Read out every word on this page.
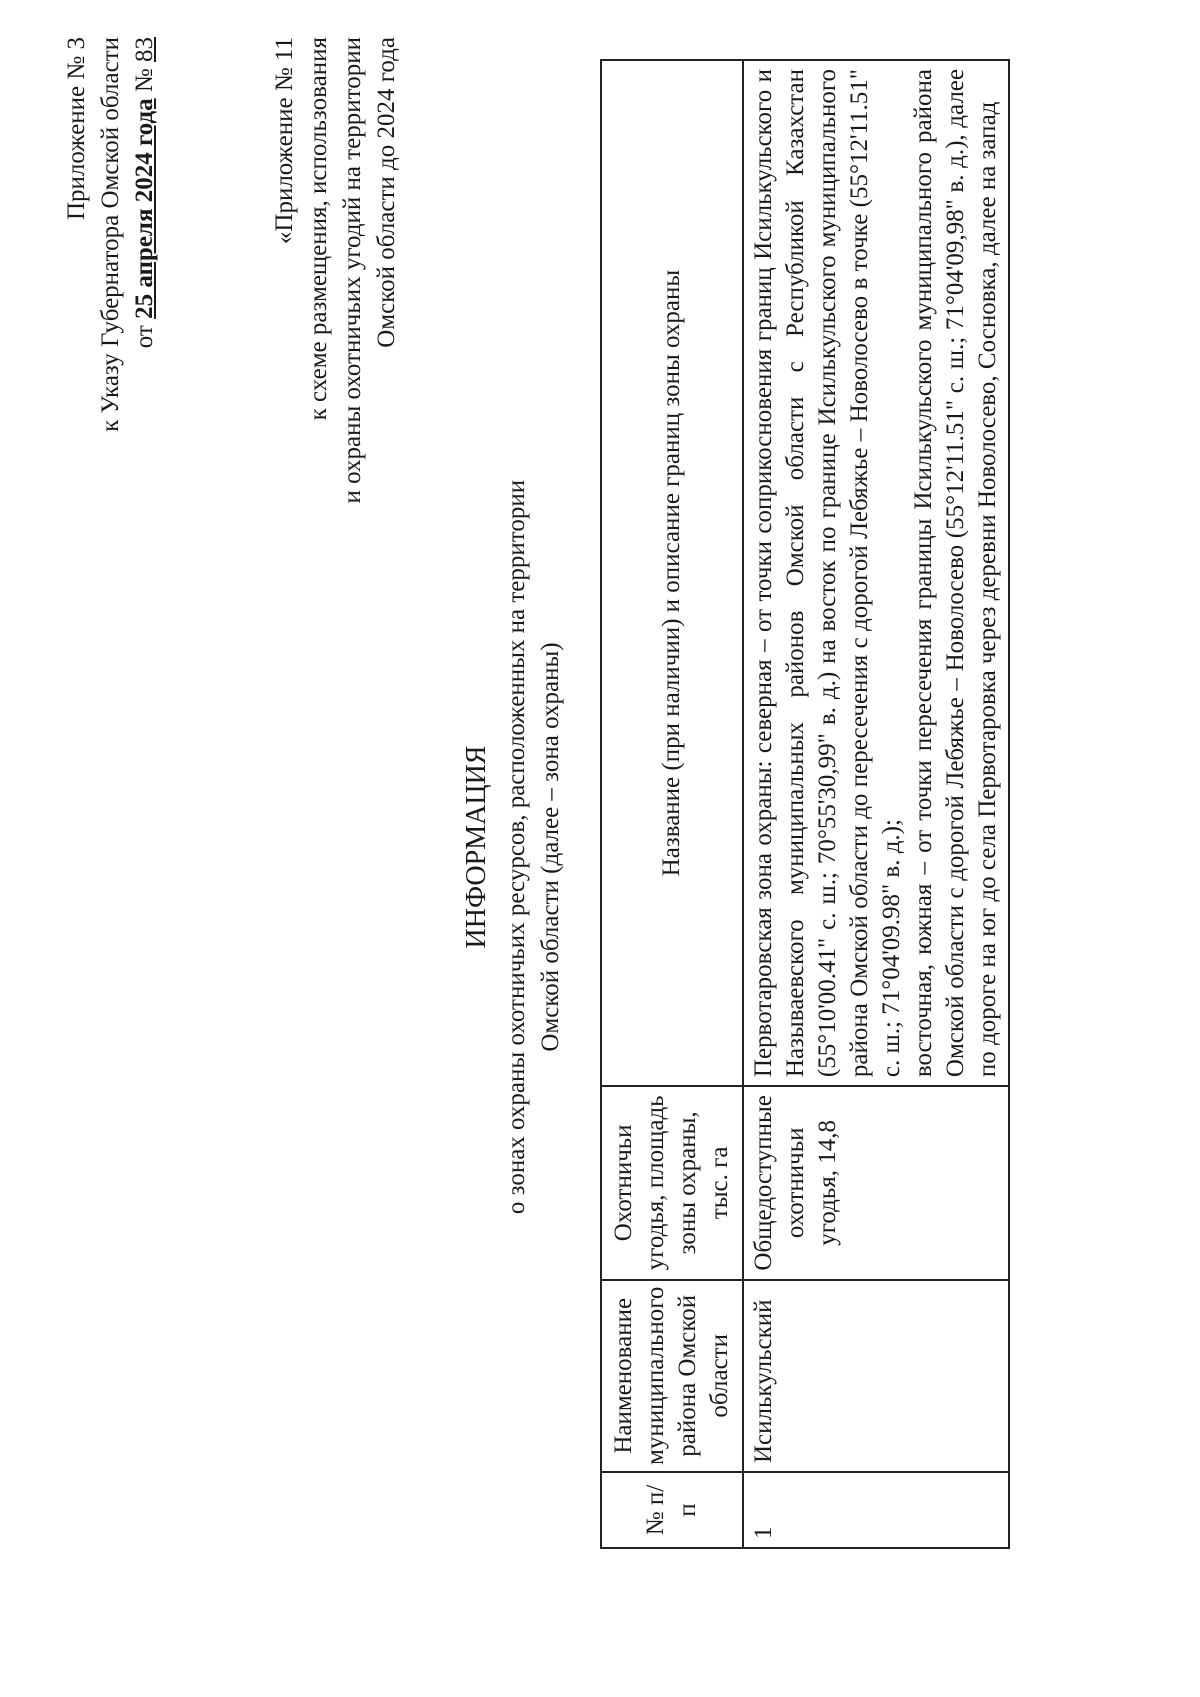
Приложение № 3 к Указу Губернатора Омской области от 25 апреля 2024 года № 83	«Приложение № 11 к схеме размещения, использования и охраны охотничьих угодий на территории Омской области до 2024 года
ИНФОРМАЦИЯ о зонах охраны охотничьих ресурсов, расположенных на территории Омской области (далее – зона охраны)
№ п/п	Наименование муниципального района Омской области	Охотничьи угодья, площадь зоны охраны, тыс. га	Название (при наличии) и описание границ зоны охраны
1	Исилькульский	Общедоступные охотничьи угодья, 14,8	Первотаровская зона охраны: северная – от точки соприкосновения границ Исилькульского и Называевского муниципальных районов Омской области с Республикой Казахстан (55°10'00.41" с. ш.; 70°55'30,99" в. д.) на восток по границе Исилькульского муниципального района Омской области до пересечения с дорогой Лебяжье – Новолосево в точке (55°12'11.51" с. ш.; 71°04'09.98" в. д.); восточная, южная – от точки пересечения границы Исилькульского муниципального района Омской области с дорогой Лебяжье – Новолосево (55°12'11.51" с. ш.; 71°04'09,98" в. д.), далее по дороге на юг до села Первотаровка через деревни Новолосево, Сосновка, далее на запад
